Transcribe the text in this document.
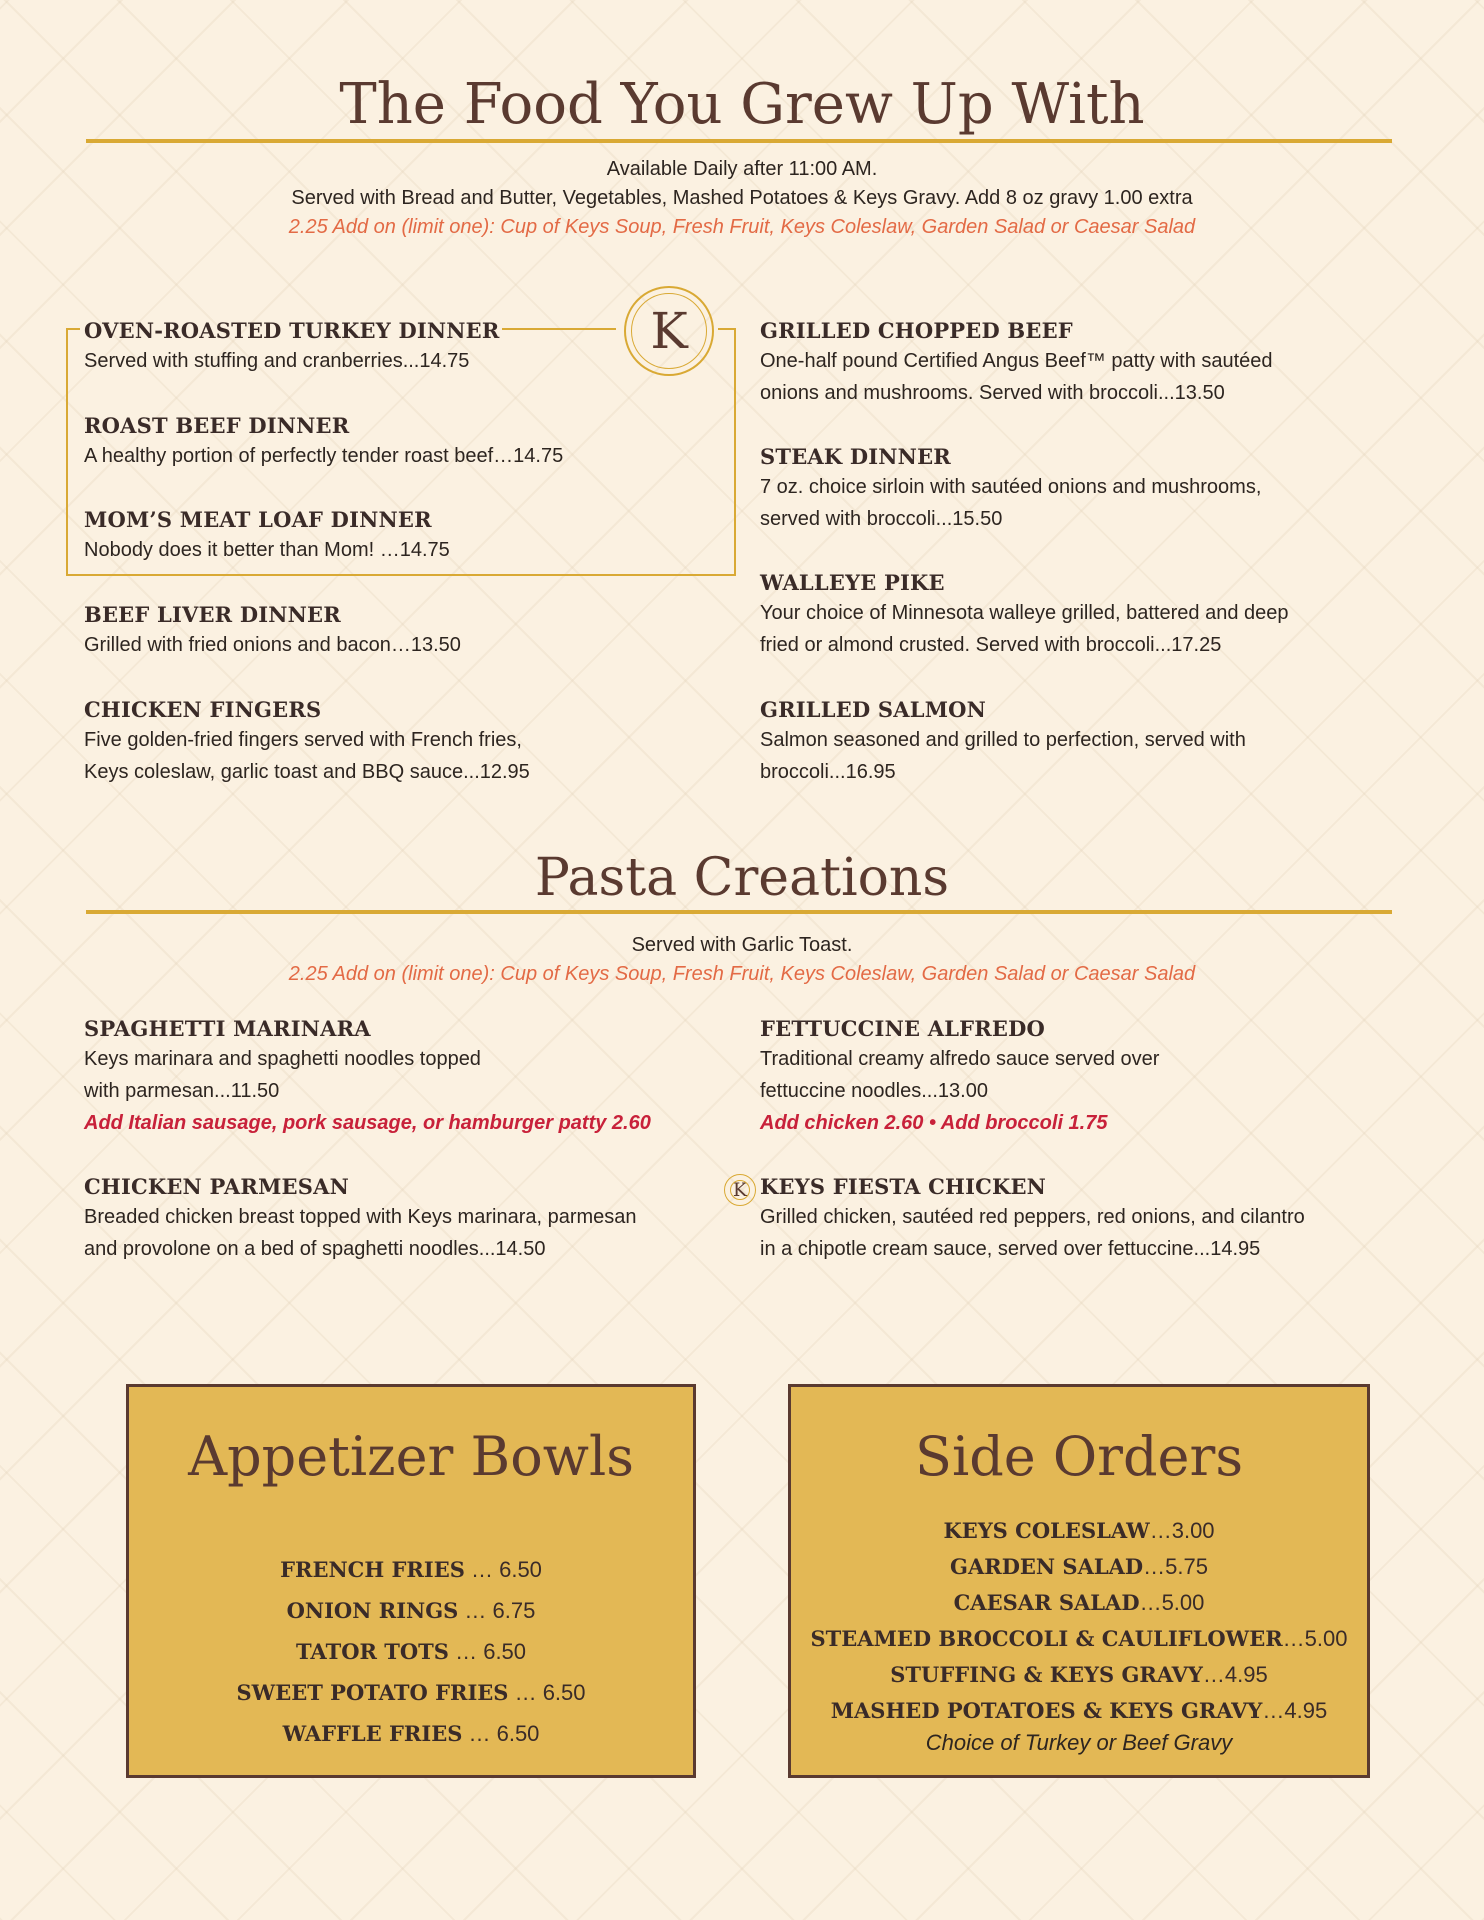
The Food You Grew Up With
Available Daily after 11:00 AM.
Served with Bread and Butter, Vegetables, Mashed Potatoes & Keys Gravy. Add 8 oz gravy 1.00 extra
2.25 Add on (limit one): Cup of Keys Soup, Fresh Fruit, Keys Coleslaw, Garden Salad or Caesar Salad
K
OVEN-ROASTED TURKEY DINNER
Served with stuffing and cranberries...14.75
ROAST BEEF DINNER
A healthy portion of perfectly tender roast beef…14.75
MOM’S MEAT LOAF DINNER
Nobody does it better than Mom! …14.75
BEEF LIVER DINNER
Grilled with fried onions and bacon…13.50
CHICKEN FINGERS
Five golden-fried fingers served with French fries,
Keys coleslaw, garlic toast and BBQ sauce...12.95
GRILLED CHOPPED BEEF
One-half pound Certified Angus Beef™ patty with sautéed
onions and mushrooms. Served with broccoli...13.50
STEAK DINNER
7 oz. choice sirloin with sautéed onions and mushrooms,
served with broccoli...15.50
WALLEYE PIKE
Your choice of Minnesota walleye grilled, battered and deep
fried or almond crusted. Served with broccoli...17.25
GRILLED SALMON
Salmon seasoned and grilled to perfection, served with
broccoli...16.95
Pasta Creations
Served with Garlic Toast.
2.25 Add on (limit one): Cup of Keys Soup, Fresh Fruit, Keys Coleslaw, Garden Salad or Caesar Salad
SPAGHETTI MARINARA
Keys marinara and spaghetti noodles topped
with parmesan...11.50
Add Italian sausage, pork sausage, or hamburger patty 2.60
FETTUCCINE ALFREDO
Traditional creamy alfredo sauce served over
fettuccine noodles...13.00
Add chicken 2.60 • Add broccoli 1.75
CHICKEN PARMESAN
Breaded chicken breast topped with Keys marinara, parmesan
and provolone on a bed of spaghetti noodles...14.50
K KEYS FIESTA CHICKEN
Grilled chicken, sautéed red peppers, red onions, and cilantro
in a chipotle cream sauce, served over fettuccine...14.95
Appetizer Bowls
FRENCH FRIES … 6.50
ONION RINGS … 6.75
TATOR TOTS … 6.50
SWEET POTATO FRIES … 6.50
WAFFLE FRIES … 6.50
Side Orders
KEYS COLESLAW…3.00
GARDEN SALAD…5.75
CAESAR SALAD…5.00
STEAMED BROCCOLI & CAULIFLOWER…5.00
STUFFING & KEYS GRAVY…4.95
MASHED POTATOES & KEYS GRAVY…4.95
Choice of Turkey or Beef Gravy
